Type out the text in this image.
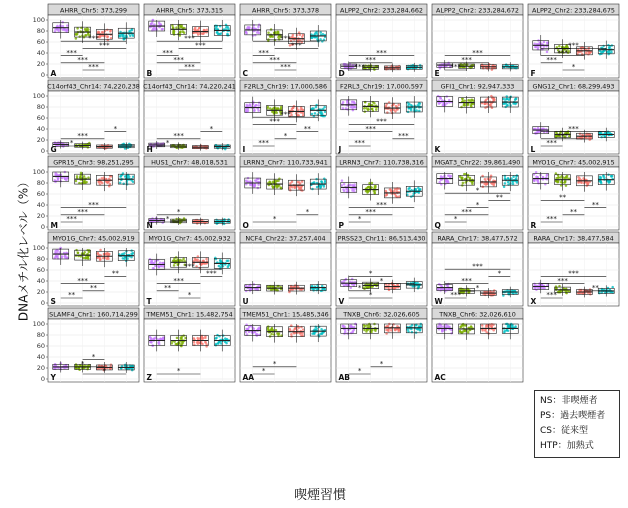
AHRR_Chr5: 373,299
0
20
40
60
80
100
***
***
***
***
***
A
AHRR_Chr5: 373,315
***
***
***
***
***
B
AHRR_Chr5: 373,378
***
***
***
***
***
C
ALPP2_Chr2: 233,284,662
***
***
***
D
ALPP2_Chr2: 233,284,672
***
***
***
E
ALPP2_Chr2: 233,284,675
*
***
***
***
F
C14orf43_Chr14: 74,220,238
0
20
40
60
80
100
*
***
*
G
C14orf43_Chr14: 74,220,241
*
***
*
H
F2RL3_Chr19: 17,000,586
***
*
**
***
***
I
F2RL3_Chr19: 17,000,597
***
***
***
***
J
GFI1_Chr1: 92,947,333
K
GNG12_Chr1: 68,299,493
***
***
***
L
GPR15_Chr3: 98,251,295
0
20
40
60
80
100
***
***
***
M
HUS1_Chr7: 48,018,531
*
*
N
LRRN3_Chr7: 110,733,941
*
*
O
LRRN3_Chr7: 110,738,316
*
***
***
P
MGAT3_Chr22: 39,861,490
*
***
*
**
*
Q
MYO1G_Chr7: 45,002,915
***
**
**
**
R
MYO1G_Chr7: 45,002,919
0
20
40
60
80
100
**
**
***
**
S
MYO1G_Chr7: 45,002,932
*
**
***
***
***
T
NCF4_Chr22: 37,257,404
U
PRSS23_Chr11: 86,513,430
*
*
*
*
V
RARA_Chr17: 38,477,572
***
*
***
*
***
W
RARA_Chr17: 38,477,584
***
**
***
***
X
SLAMF4_Chr1: 160,714,299
0
20
40
60
80
100
*
*
*
Y
TMEM51_Chr1: 15,482,754
*
Z
TMEM51_Chr1: 15,485,346
*
*
AA
TNXB_Chr6: 32,026,605
*
*
AB
TNXB_Chr6: 32,026,610
AC
DNAメチル化レベル（%）
喫煙習慣
NS：非喫煙者
PS：過去喫煙者
CS：従来型
HTP：加熱式
